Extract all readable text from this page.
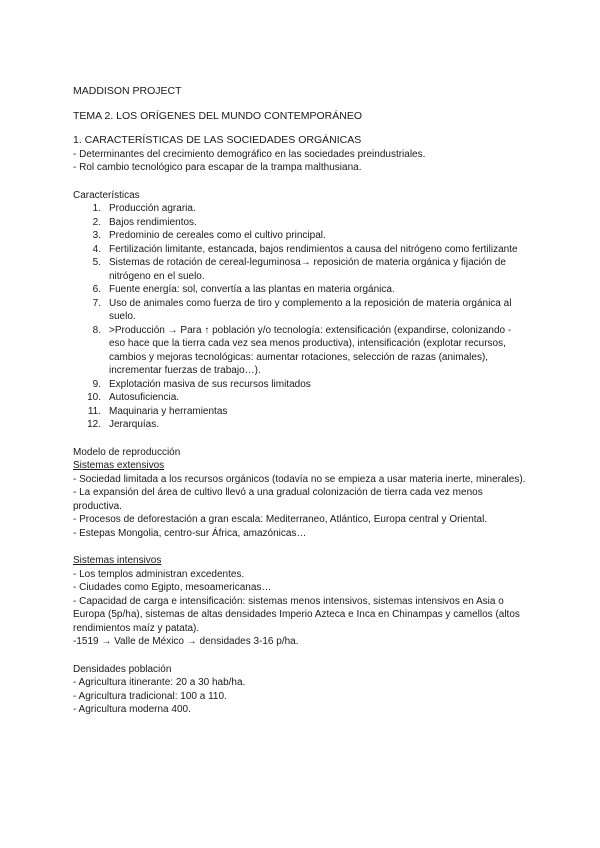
MADDISON PROJECT
TEMA 2. LOS ORÍGENES DEL MUNDO CONTEMPORÁNEO
1. CARACTERÍSTICAS DE LAS SOCIEDADES ORGÁNICAS
- Determinantes del crecimiento demográfico en las sociedades preindustriales.
- Rol cambio tecnológico para escapar de la trampa malthusiana.
Características
1. Producción agraria.
2. Bajos rendimientos.
3. Predominio de cereales como el cultivo principal.
4. Fertilización limitante, estancada, bajos rendimientos a causa del nitrógeno como fertilizante
5. Sistemas de rotación de cereal-leguminosa→ reposición de materia orgánica y fijación de nitrógeno en el suelo.
6. Fuente energía: sol, convertía a las plantas en materia orgánica.
7. Uso de animales como fuerza de tiro y complemento a la reposición de materia orgánica al suelo.
8. >Producción → Para ↑ población y/o tecnología: extensificación (expandirse, colonizando - eso hace que la tierra cada vez sea menos productiva), intensificación (explotar recursos, cambios y mejoras tecnológicas: aumentar rotaciones, selección de razas (animales), incrementar fuerzas de trabajo…).
9. Explotación masiva de sus recursos limitados
10. Autosuficiencia.
11. Maquinaria y herramientas
12. Jerarquías.
Modelo de reproducción
Sistemas extensivos
- Sociedad limitada a los recursos orgánicos (todavía no se empieza a usar materia inerte, minerales).
- La expansión del área de cultivo llevó a una gradual colonización de tierra cada vez menos productiva.
- Procesos de deforestación a gran escala: Mediterraneo, Atlántico, Europa central y Oriental.
- Estepas Mongolia, centro-sur África, amazónicas…
Sistemas intensivos
- Los templos administran excedentes.
- Ciudades como Egipto, mesoamericanas…
- Capacidad de carga e intensificación: sistemas menos intensivos, sistemas intensivos en Asia o Europa (5p/ha), sistemas de altas densidades Imperio Azteca e Inca en Chinampas y camellos (altos rendimientos maíz y patata).
-1519 → Valle de México → densidades 3-16 p/ha.
Densidades población
- Agricultura itinerante: 20 a 30 hab/ha.
- Agricultura tradicional: 100 a 110.
- Agricultura moderna 400.
